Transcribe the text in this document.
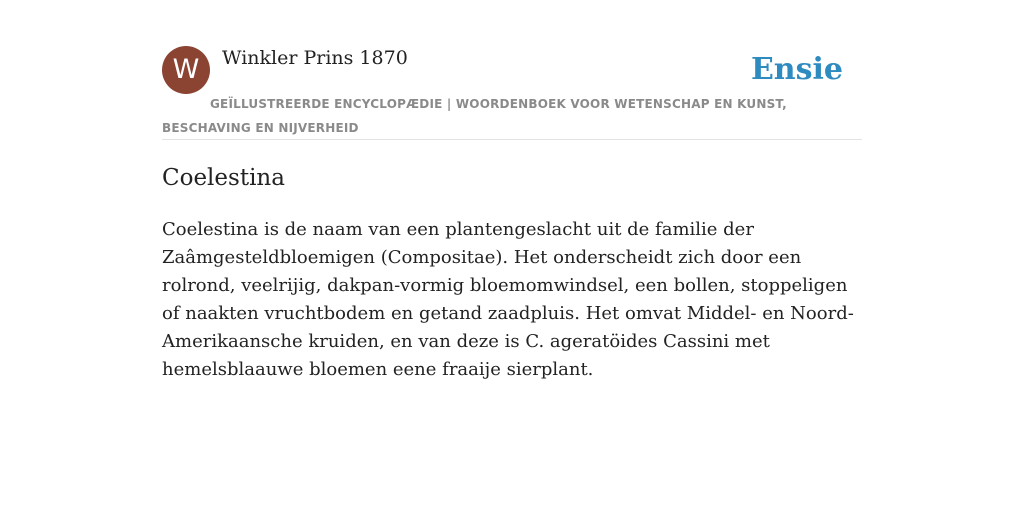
W	Winkler Prins 1870	Ensie
GEÏLLUSTREERDE ENCYCLOPÆDIE | WOORDENBOEK VOOR WETENSCHAP EN KUNST, BESCHAVING EN NIJVERHEID
Coelestina

Coelestina is de naam van een plantengeslacht uit de familie der Zaâmgesteldbloemigen (Compositae). Het onderscheidt zich door een rolrond, veelrijig, dakpan-vormig bloemomwindsel, een bollen, stoppeligen of naakten vruchtbodem en getand zaadpluis. Het omvat Middel- en Noord-Amerikaansche kruiden, en van deze is C. ageratöides Cassini met hemelsblaauwe bloemen eene fraaije sierplant.
